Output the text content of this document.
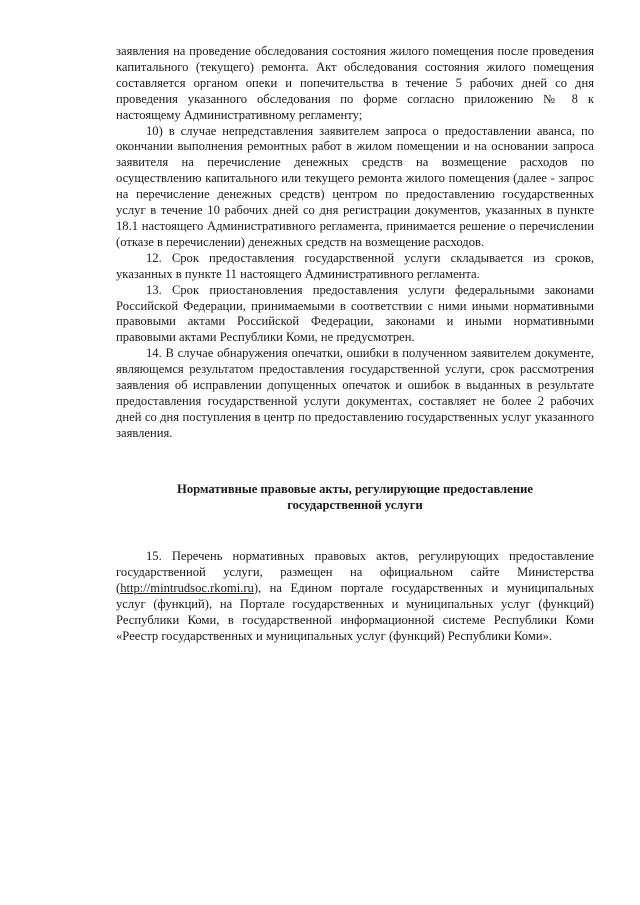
заявления на проведение обследования состояния жилого помещения после проведения капитального (текущего) ремонта. Акт обследования состояния жилого помещения составляется органом опеки и попечительства в течение 5 рабочих дней со дня проведения указанного обследования по форме согласно приложению № 8 к настоящему Административному регламенту;

10) в случае непредставления заявителем запроса о предоставлении аванса, по окончании выполнения ремонтных работ в жилом помещении и на основании запроса заявителя на перечисление денежных средств на возмещение расходов по осуществлению капитального или текущего ремонта жилого помещения (далее - запрос на перечисление денежных средств) центром по предоставлению государственных услуг в течение 10 рабочих дней со дня регистрации документов, указанных в пункте 18.1 настоящего Административного регламента, принимается решение о перечислении (отказе в перечислении) денежных средств на возмещение расходов.

12. Срок предоставления государственной услуги складывается из сроков, указанных в пункте 11 настоящего Административного регламента.

13. Срок приостановления предоставления услуги федеральными законами Российской Федерации, принимаемыми в соответствии с ними иными нормативными правовыми актами Российской Федерации, законами и иными нормативными правовыми актами Республики Коми, не предусмотрен.

14. В случае обнаружения опечатки, ошибки в полученном заявителем документе, являющемся результатом предоставления государственной услуги, срок рассмотрения заявления об исправлении допущенных опечаток и ошибок в выданных в результате предоставления государственной услуги документах, составляет не более 2 рабочих дней со дня поступления в центр по предоставлению государственных услуг указанного заявления.

Нормативные правовые акты, регулирующие предоставление государственной услуги

15. Перечень нормативных правовых актов, регулирующих предоставление государственной услуги, размещен на официальном сайте Министерства (http://mintrudsoc.rkomi.ru), на Едином портале государственных и муниципальных услуг (функций), на Портале государственных и муниципальных услуг (функций) Республики Коми, в государственной информационной системе Республики Коми «Реестр государственных и муниципальных услуг (функций) Республики Коми».
